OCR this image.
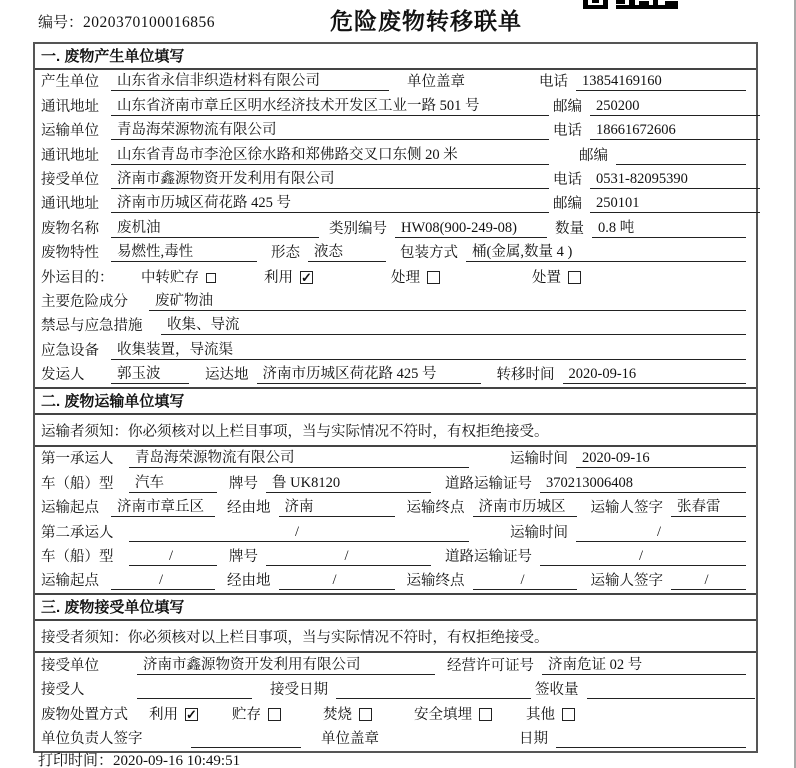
编号：2020370100016856	危险废物转移联单
一. 废物产生单位填写
产生单位	山东省永信非织造材料有限公司	单位盖章	电话 13854169160
通讯地址	山东省济南市章丘区明水经济技术开发区工业一路 501 号	邮编 250200
运输单位	青岛海荣源物流有限公司	电话 18661672606
通讯地址	山东省青岛市李沧区徐水路和郑佛路交叉口东侧 20 米	邮编
接受单位	济南市鑫源物资开发利用有限公司	电话 0531-82095390
通讯地址	济南市历城区荷花路 425 号	邮编 250101
废物名称	废机油	类别编号 HW08(900-249-08)	数量 0.8 吨
废物特性	易燃性,毒性	形态 液态	包装方式 桶(金属,数量 4 )
外运目的：	中转贮存	利用 ✓	处理	处置
主要危险成分	废矿物油
禁忌与应急措施	收集、导流
应急设备	收集装置，导流渠
发运人	郭玉波	运达地 济南市历城区荷花路 425 号	转移时间 2020-09-16
二. 废物运输单位填写
运输者须知：你必须核对以上栏目事项，当与实际情况不符时，有权拒绝接受。
第一承运人	青岛海荣源物流有限公司	运输时间 2020-09-16
车（船）型	汽车	牌号 鲁 UK8120	道路运输证号 370213006408
运输起点	济南市章丘区	经由地 济南	运输终点 济南市历城区	运输人签字 张春雷
第二承运人	/	运输时间	/
车（船）型	/	牌号	/	道路运输证号	/
运输起点	/	经由地	/	运输终点	/	运输人签字	/
三. 废物接受单位填写
接受者须知：你必须核对以上栏目事项，当与实际情况不符时，有权拒绝接受。
接受单位	济南市鑫源物资开发利用有限公司	经营许可证号 济南危证 02 号
接受人	接受日期	签收量
废物处置方式	利用 ✓	贮存	焚烧	安全填埋	其他
单位负责人签字	单位盖章	日期
打印时间：2020-09-16 10:49:51
